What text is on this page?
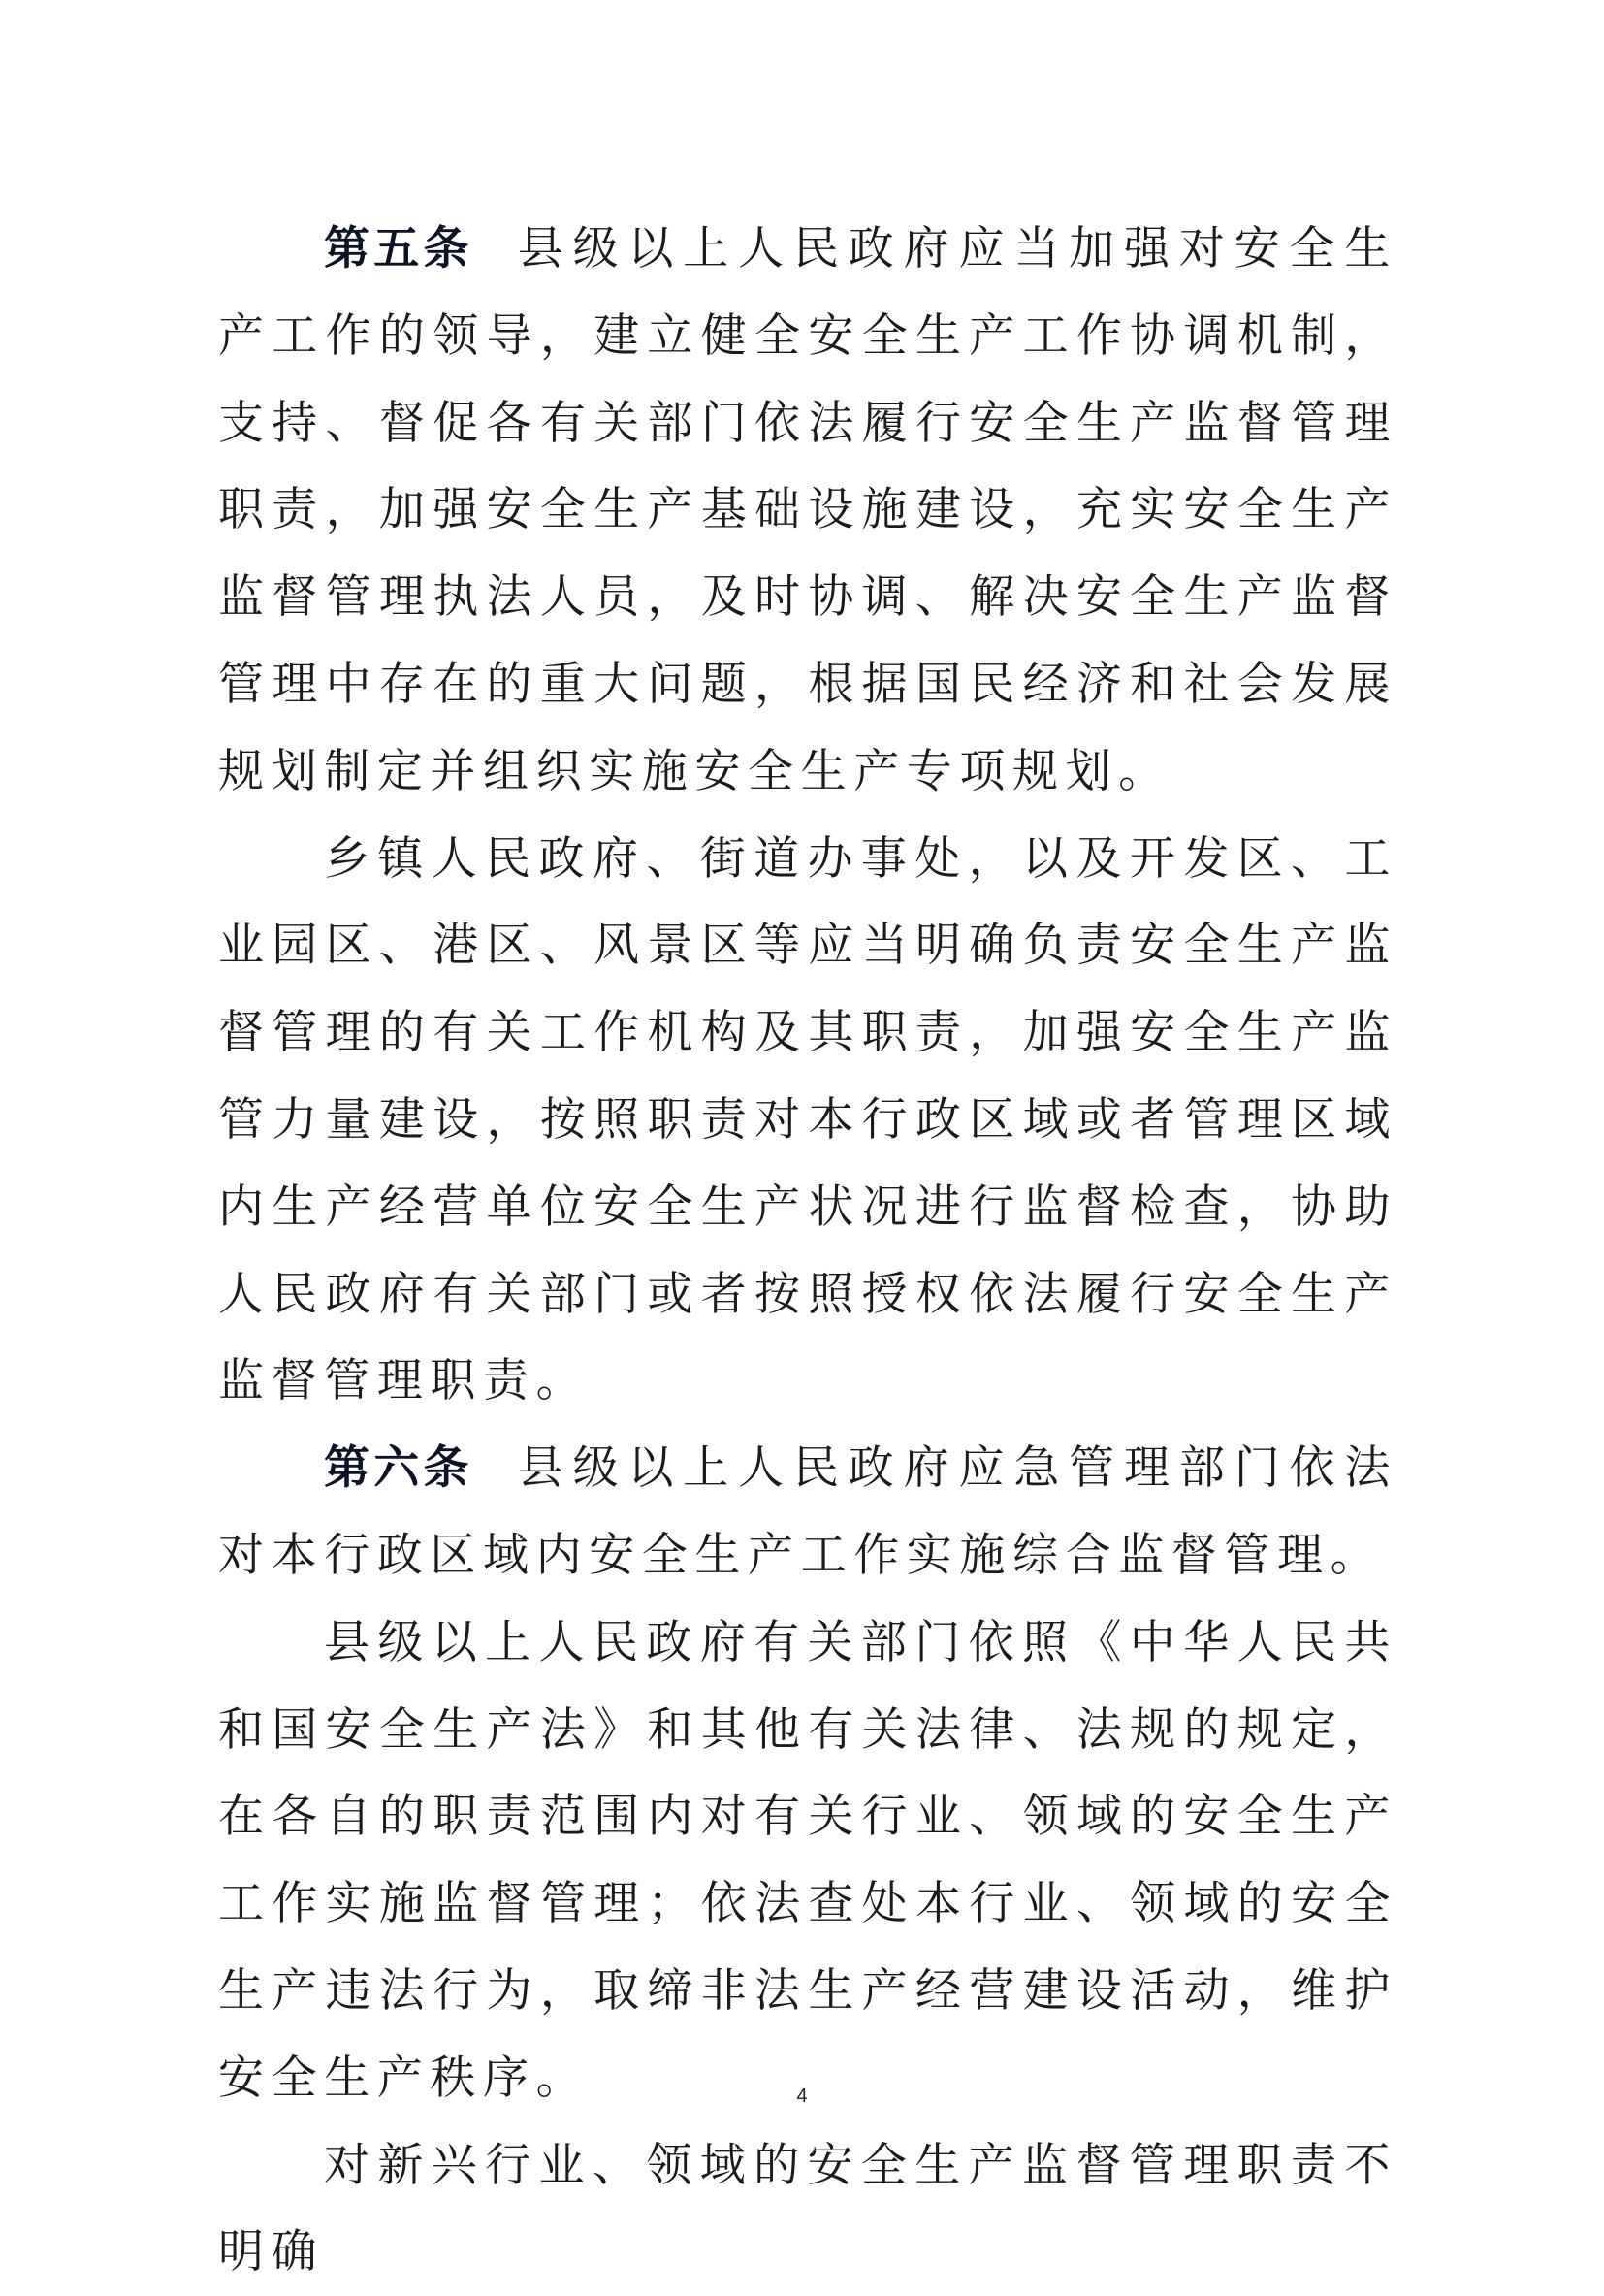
第五条 县级以上人民政府应当加强对安全生产工作的领导，建立健全安全生产工作协调机制，支持、督促各有关部门依法履行安全生产监督管理职责，加强安全生产基础设施建设，充实安全生产监督管理执法人员，及时协调、解决安全生产监督管理中存在的重大问题，根据国民经济和社会发展规划制定并组织实施安全生产专项规划。

乡镇人民政府、街道办事处，以及开发区、工业园区、港区、风景区等应当明确负责安全生产监督管理的有关工作机构及其职责，加强安全生产监管力量建设，按照职责对本行政区域或者管理区域内生产经营单位安全生产状况进行监督检查，协助人民政府有关部门或者按照授权依法履行安全生产监督管理职责。

第六条 县级以上人民政府应急管理部门依法对本行政区域内安全生产工作实施综合监督管理。

县级以上人民政府有关部门依照《中华人民共和国安全生产法》和其他有关法律、法规的规定，在各自的职责范围内对有关行业、领域的安全生产工作实施监督管理；依法查处本行业、领域的安全生产违法行为，取缔非法生产经营建设活动，维护安全生产秩序。

对新兴行业、领域的安全生产监督管理职责不明确

4
